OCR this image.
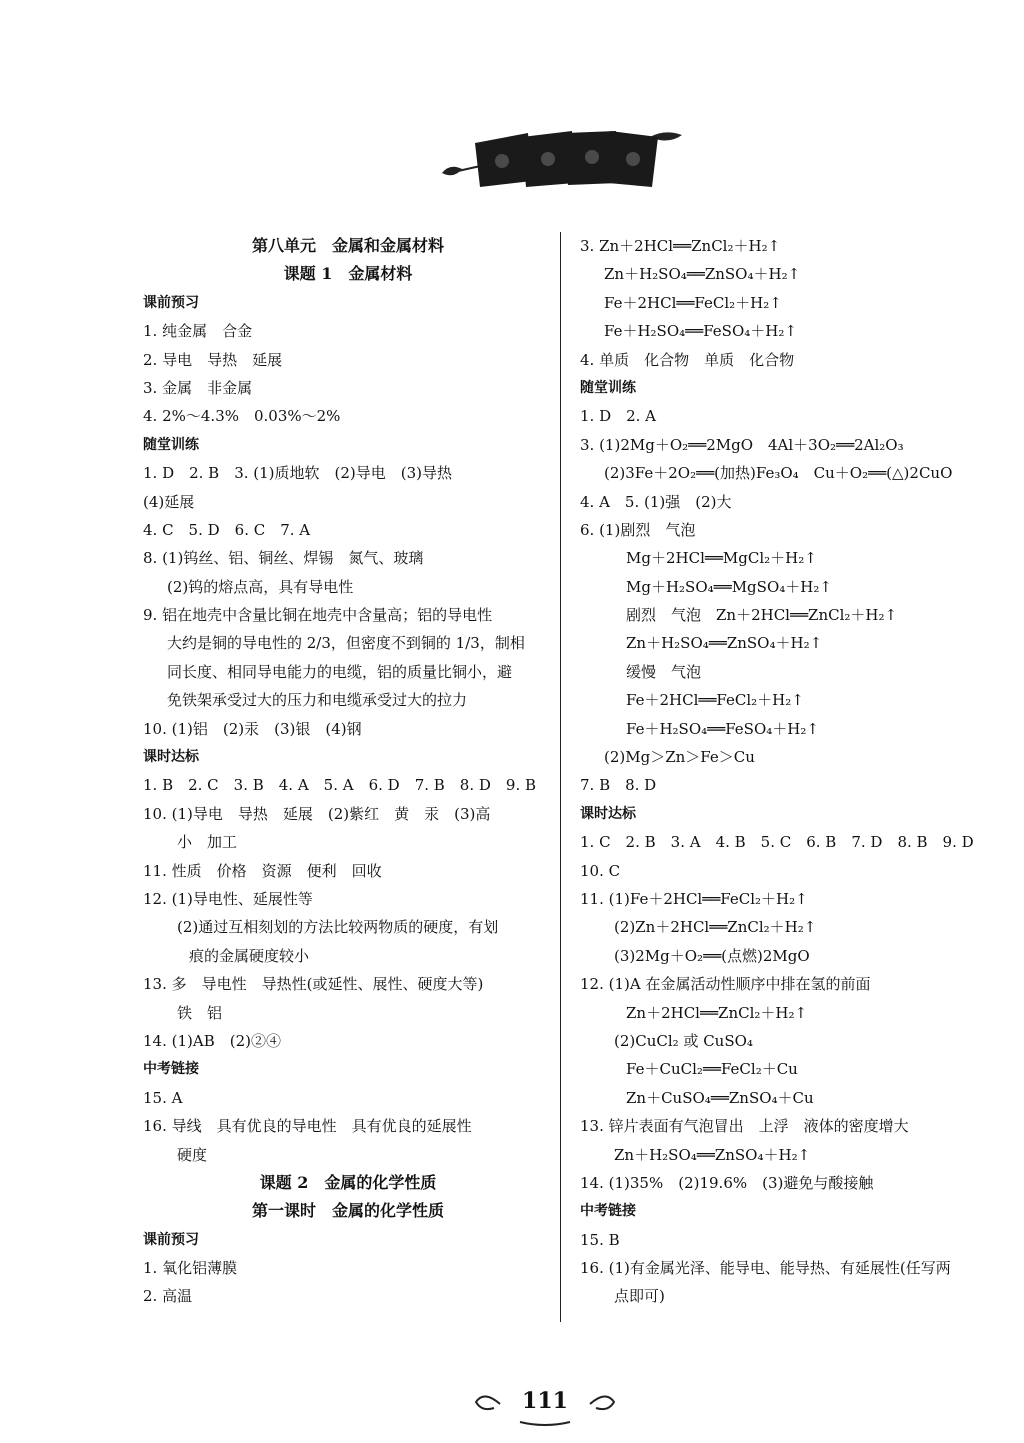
第八单元　金属和金属材料
课题 1　金属材料
课前预习
1. 纯金属　合金
2. 导电　导热　延展
3. 金属　非金属
4. 2%～4.3%　0.03%～2%
随堂训练
1. D　2. B　3. (1)质地软　(2)导电　(3)导热
(4)延展
4. C　5. D　6. C　7. A
8. (1)钨丝、铝、铜丝、焊锡　氮气、玻璃
(2)钨的熔点高，具有导电性
9. 铝在地壳中含量比铜在地壳中含量高；铝的导电性
大约是铜的导电性的 2/3，但密度不到铜的 1/3，制相
同长度、相同导电能力的电缆，铝的质量比铜小，避
免铁架承受过大的压力和电缆承受过大的拉力
10. (1)铝　(2)汞　(3)银　(4)钢
课时达标
1. B　2. C　3. B　4. A　5. A　6. D　7. B　8. D　9. B
10. (1)导电　导热　延展　(2)紫红　黄　汞　(3)高
小　加工
11. 性质　价格　资源　便利　回收
12. (1)导电性、延展性等
(2)通过互相刻划的方法比较两物质的硬度，有划
痕的金属硬度较小
13. 多　导电性　导热性(或延性、展性、硬度大等)
铁　铝
14. (1)AB　(2)②④
中考链接
15. A
16. 导线　具有优良的导电性　具有优良的延展性
硬度
课题 2　金属的化学性质
第一课时　金属的化学性质
课前预习
1. 氧化铝薄膜
2. 高温
3. Zn＋2HCl══ZnCl₂＋H₂↑
Zn＋H₂SO₄══ZnSO₄＋H₂↑
Fe＋2HCl══FeCl₂＋H₂↑
Fe＋H₂SO₄══FeSO₄＋H₂↑
4. 单质　化合物　单质　化合物
随堂训练
1. D　2. A
3. (1)2Mg＋O₂══2MgO　4Al＋3O₂══2Al₂O₃
(2)3Fe＋2O₂══(加热)Fe₃O₄　Cu＋O₂══(△)2CuO
4. A　5. (1)强　(2)大
6. (1)剧烈　气泡
Mg＋2HCl══MgCl₂＋H₂↑
Mg＋H₂SO₄══MgSO₄＋H₂↑
剧烈　气泡　Zn＋2HCl══ZnCl₂＋H₂↑
Zn＋H₂SO₄══ZnSO₄＋H₂↑
缓慢　气泡
Fe＋2HCl══FeCl₂＋H₂↑
Fe＋H₂SO₄══FeSO₄＋H₂↑
(2)Mg＞Zn＞Fe＞Cu
7. B　8. D
课时达标
1. C　2. B　3. A　4. B　5. C　6. B　7. D　8. B　9. D
10. C
11. (1)Fe＋2HCl══FeCl₂＋H₂↑
(2)Zn＋2HCl══ZnCl₂＋H₂↑
(3)2Mg＋O₂══(点燃)2MgO
12. (1)A 在金属活动性顺序中排在氢的前面
Zn＋2HCl══ZnCl₂＋H₂↑
(2)CuCl₂ 或 CuSO₄
Fe＋CuCl₂══FeCl₂＋Cu
Zn＋CuSO₄══ZnSO₄＋Cu
13. 锌片表面有气泡冒出　上浮　液体的密度增大
Zn＋H₂SO₄══ZnSO₄＋H₂↑
14. (1)35%　(2)19.6%　(3)避免与酸接触
中考链接
15. B
16. (1)有金属光泽、能导电、能导热、有延展性(任写两
点即可)
111
